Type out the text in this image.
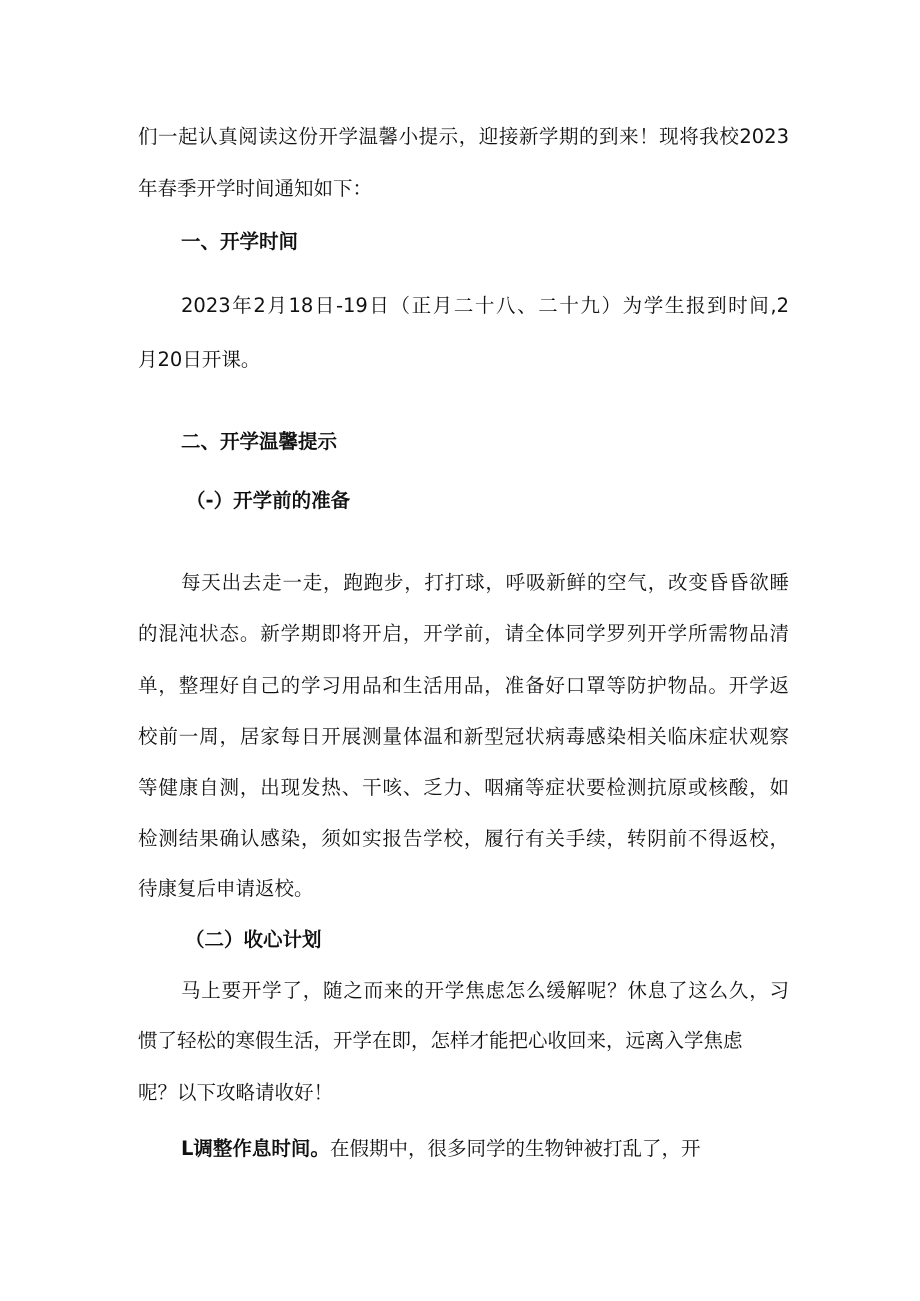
们一起认真阅读这份开学温馨小提示，迎接新学期的到来！现将我校2023
年春季开学时间通知如下：
一、开学时间
2023年2月18日-19日（正月二十八、二十九）为学生报到时间,2
月20日开课。
二、开学温馨提示
（-）开学前的准备
每天出去走一走，跑跑步，打打球，呼吸新鲜的空气，改变昏昏欲睡
的混沌状态。新学期即将开启，开学前，请全体同学罗列开学所需物品清
单，整理好自己的学习用品和生活用品，准备好口罩等防护物品。开学返
校前一周，居家每日开展测量体温和新型冠状病毒感染相关临床症状观察
等健康自测，出现发热、干咳、乏力、咽痛等症状要检测抗原或核酸，如
检测结果确认感染，须如实报告学校，履行有关手续，转阴前不得返校，
待康复后申请返校。
（二）收心计划
马上要开学了，随之而来的开学焦虑怎么缓解呢？休息了这么久，习
惯了轻松的寒假生活，开学在即，怎样才能把心收回来，远离入学焦虑
呢？以下攻略请收好！
L调整作息时间。在假期中，很多同学的生物钟被打乱了，开
